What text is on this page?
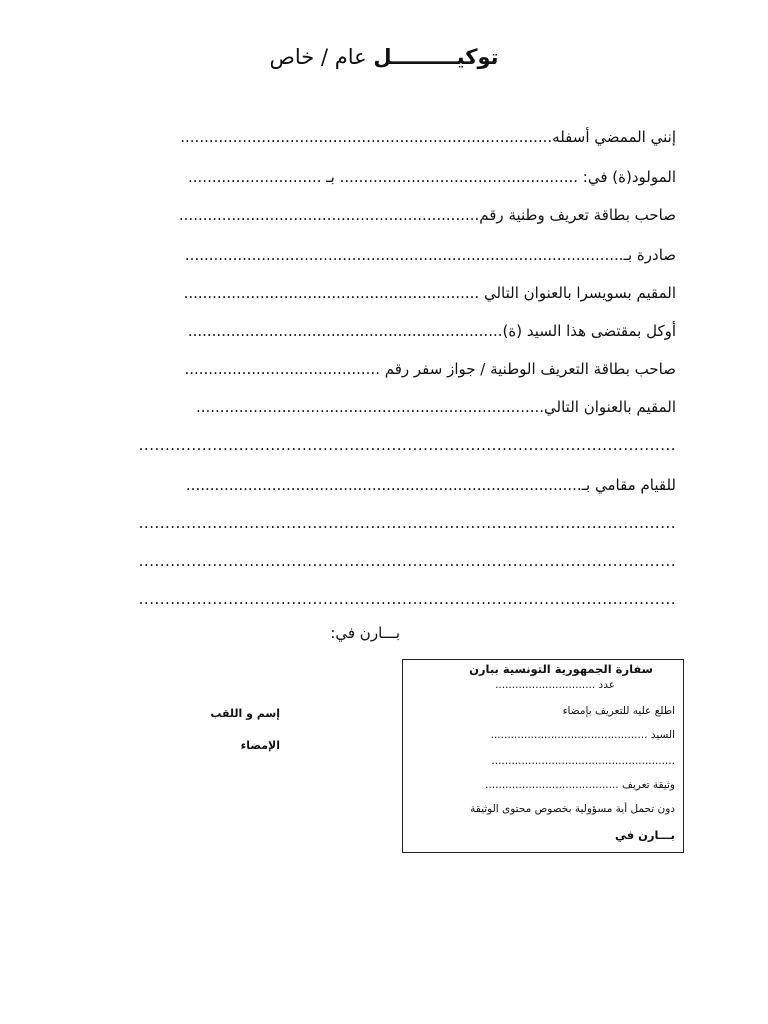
توكيـــــــــل عام / خاص
إنني الممضي أسفله..............................................................................
المولود(ة) في: .................................................. بـ ............................
صاحب بطاقة تعريف وطنية رقم...............................................................
صادرة بـ............................................................................................
المقيم بسويسرا بالعنوان التالي ..............................................................
أوكل بمقتضى هذا السيد (ة)..................................................................
صاحب بطاقة التعريف الوطنية / جواز سفر رقم .........................................
المقيم بالعنوان التالي.........................................................................
......................................................................................................
للقيام مقامي بـ...................................................................................
......................................................................................................
......................................................................................................
......................................................................................................
بـــارن في:
إسم و اللقب
الإمضاء
سفارة الجمهورية التونسية ببارن
عدد ..............................
اطلع عليه للتعريف بإمضاء
السيد ...............................................
.......................................................
وثيقة تعريف ........................................
دون تحمل أية مسؤولية بخصوص محتوى الوثيقة
بـــارن في
